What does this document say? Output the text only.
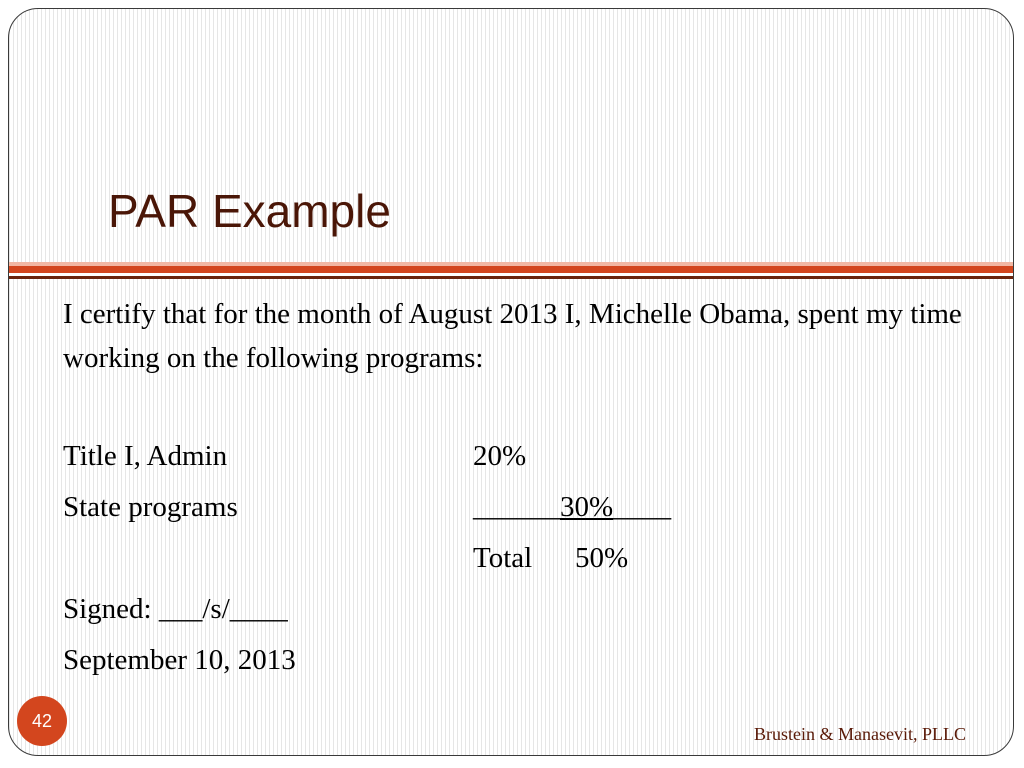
PAR Example

I certify that for the month of August 2013 I, Michelle Obama, spent my time working on the following programs:

Title I, Admin	20%
State programs	______30%____
Total 50%
Signed: ___/s/____
September 10, 2013
42
Brustein & Manasevit, PLLC
